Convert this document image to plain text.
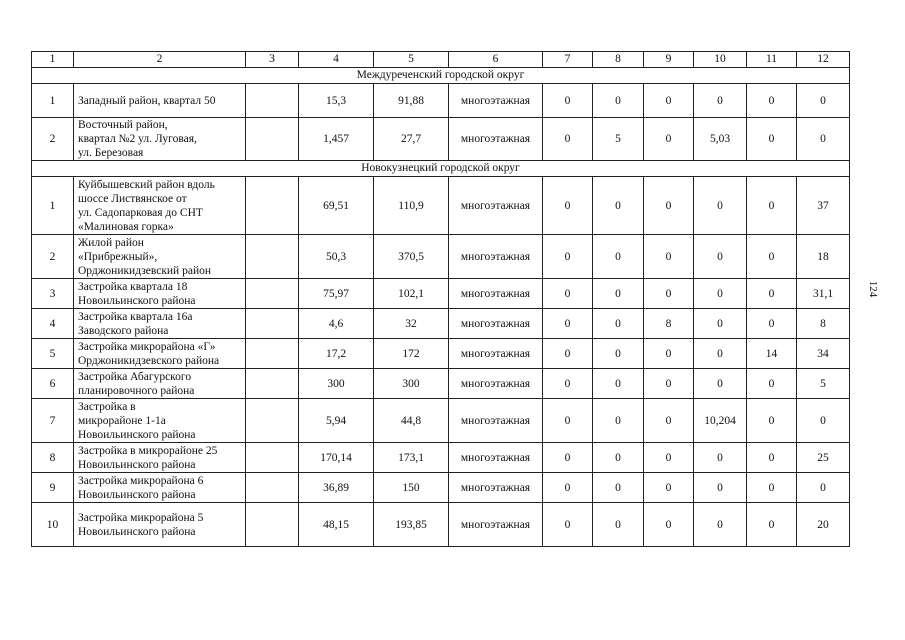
1	2	3	4	5	6	7	8	9	10	11	12
Междуреченский городской округ											
1	Западный район, квартал 50		15,3	91,88	многоэтажная	0	0	0	0	0	0
2	Восточный район,
квартал №2 ул. Луговая,
ул. Березовая		1,457	27,7	многоэтажная	0	5	0	5,03	0	0
Новокузнецкий городской округ											
1	Куйбышевский район вдоль
шоссе Листвянское от
ул. Садопарковая до СНТ
«Малиновая горка»		69,51	110,9	многоэтажная	0	0	0	0	0	37
2	Жилой район
«Прибрежный»,
Орджоникидзевский район		50,3	370,5	многоэтажная	0	0	0	0	0	18
3	Застройка квартала 18
Новоильинского района		75,97	102,1	многоэтажная	0	0	0	0	0	31,1
4	Застройка квартала 16а
Заводского района		4,6	32	многоэтажная	0	0	8	0	0	8
5	Застройка микрорайона «Г»
Орджоникидзевского района		17,2	172	многоэтажная	0	0	0	0	14	34
6	Застройка Абагурского
планировочного района		300	300	многоэтажная	0	0	0	0	0	5
7	Застройка в
микрорайоне 1-1а
Новоильинского района		5,94	44,8	многоэтажная	0	0	0	10,204	0	0
8	Застройка в микрорайоне 25
Новоильинского района		170,14	173,1	многоэтажная	0	0	0	0	0	25
9	Застройка микрорайона 6
Новоильинского района		36,89	150	многоэтажная	0	0	0	0	0	0
10	Застройка микрорайона 5
Новоильинского района		48,15	193,85	многоэтажная	0	0	0	0	0	20
124
